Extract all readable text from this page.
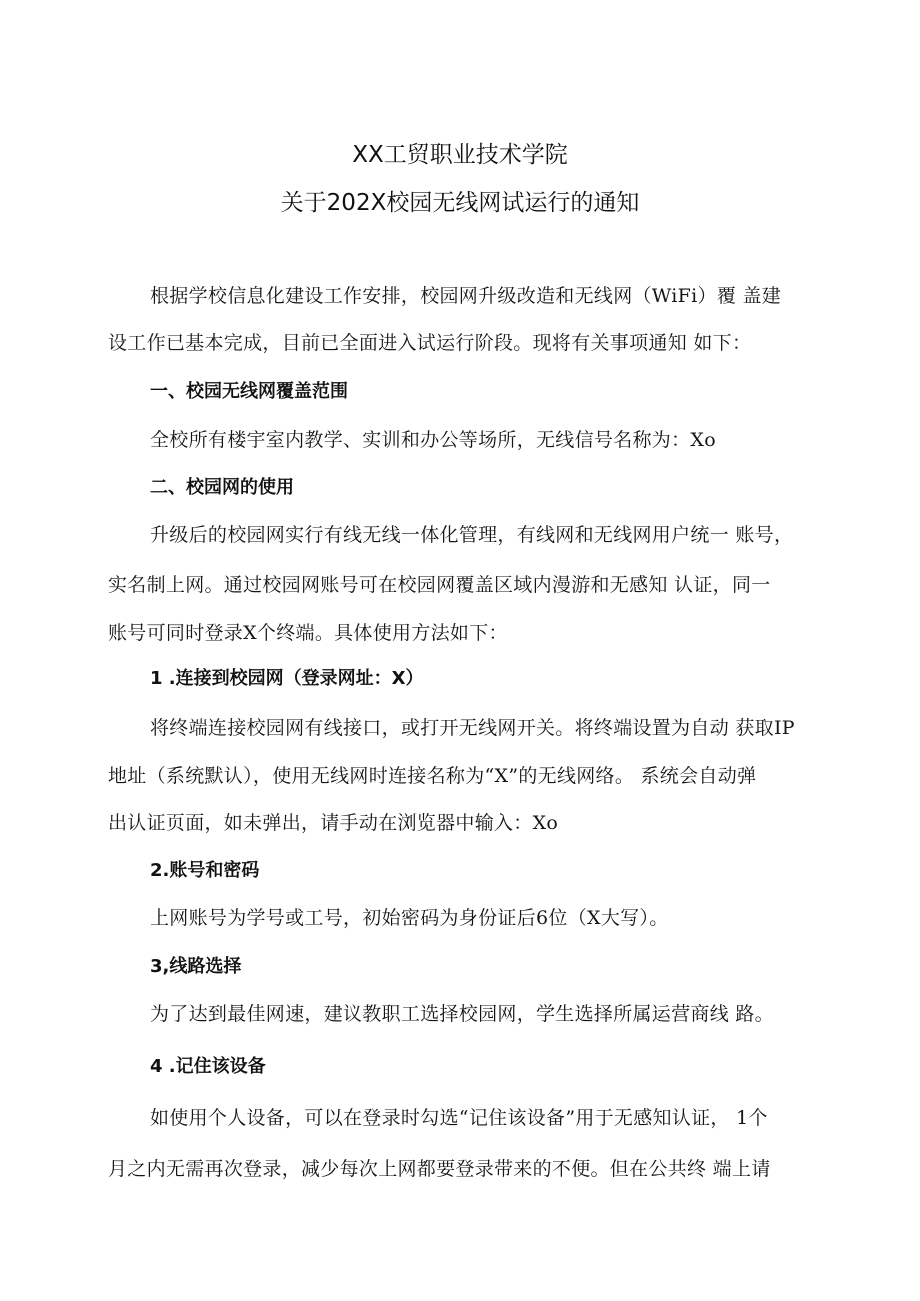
XX工贸职业技术学院
关于202X校园无线网试运行的通知
根据学校信息化建设工作安排，校园网升级改造和无线网（WiFi）覆 盖建
设工作已基本完成，目前已全面进入试运行阶段。现将有关事项通知 如下：
一、校园无线网覆盖范围
全校所有楼宇室内教学、实训和办公等场所，无线信号名称为：Xo
二、校园网的使用
升级后的校园网实行有线无线一体化管理，有线网和无线网用户统一 账号，
实名制上网。通过校园网账号可在校园网覆盖区域内漫游和无感知 认证，同一
账号可同时登录X个终端。具体使用方法如下：
1 .连接到校园网（登录网址：X）
将终端连接校园网有线接口，或打开无线网开关。将终端设置为自动 获取IP
地址（系统默认），使用无线网时连接名称为“X”的无线网络。 系统会自动弹
出认证页面，如未弹出，请手动在浏览器中输入：Xo
2.账号和密码
上网账号为学号或工号，初始密码为身份证后6位（X大写）。
3,线路选择
为了达到最佳网速，建议教职工选择校园网，学生选择所属运营商线 路。
4 .记住该设备
如使用个人设备，可以在登录时勾选“记住该设备”用于无感知认证， 1个
月之内无需再次登录，减少每次上网都要登录带来的不便。但在公共终 端上请
